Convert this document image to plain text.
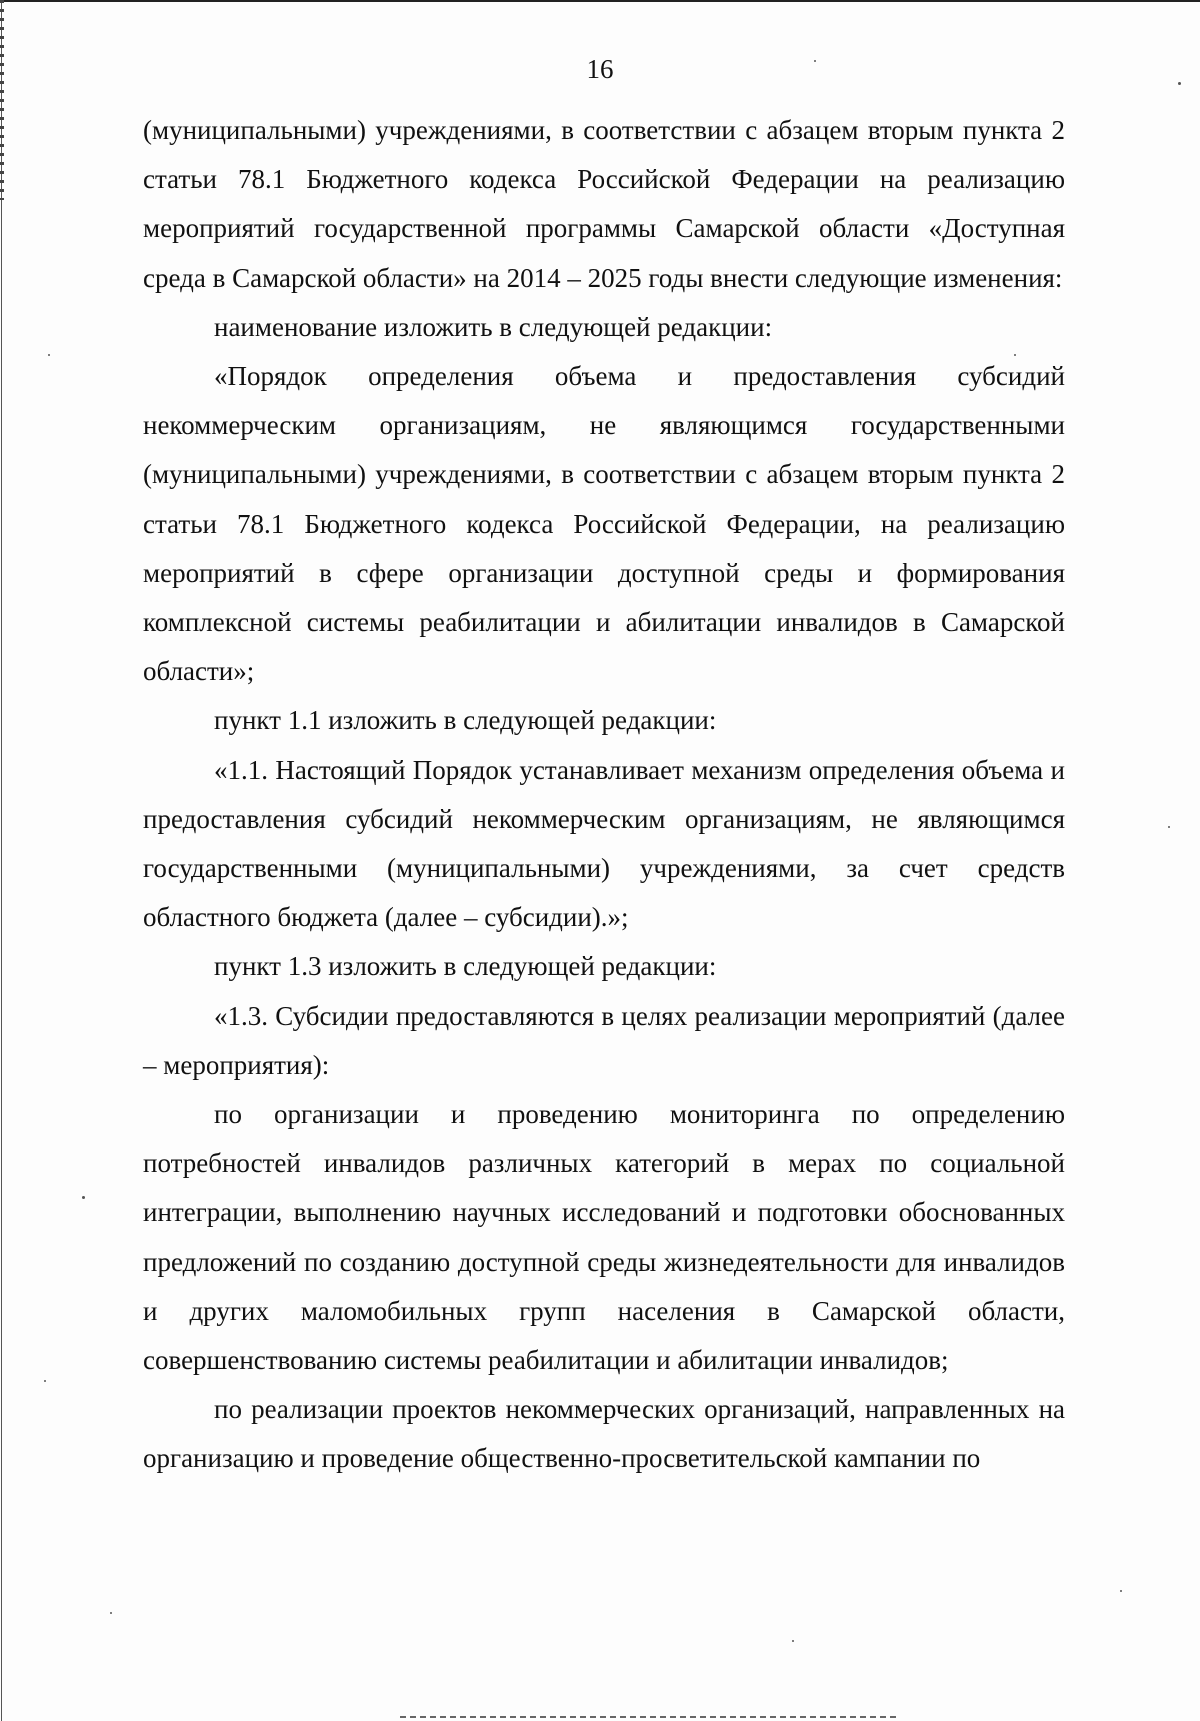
16

(муниципальными) учреждениями, в соответствии с абзацем вторым пункта 2 статьи 78.1 Бюджетного кодекса Российской Федерации на реализацию мероприятий государственной программы Самарской области «Доступная среда в Самарской области» на 2014 – 2025 годы внести следующие изменения:

наименование изложить в следующей редакции:

«Порядок определения объема и предоставления субсидий некоммерческим организациям, не являющимся государственными (муниципальными) учреждениями, в соответствии с абзацем вторым пункта 2 статьи 78.1 Бюджетного кодекса Российской Федерации, на реализацию мероприятий в сфере организации доступной среды и формирования комплексной системы реабилитации и абилитации инвалидов в Самарской области»;

пункт 1.1 изложить в следующей редакции:

«1.1. Настоящий Порядок устанавливает механизм определения объема и предоставления субсидий некоммерческим организациям, не являющимся государственными (муниципальными) учреждениями, за счет средств областного бюджета (далее – субсидии).»;

пункт 1.3 изложить в следующей редакции:

«1.3. Субсидии предоставляются в целях реализации мероприятий (далее – мероприятия):

по организации и проведению мониторинга по определению потребностей инвалидов различных категорий в мерах по социальной интеграции, выполнению научных исследований и подготовки обоснованных предложений по созданию доступной среды жизнедеятельности для инвалидов и других маломобильных групп населения в Самарской области, совершенствованию системы реабилитации и абилитации инвалидов;

по реализации проектов некоммерческих организаций, направленных на организацию и проведение общественно-просветительской кампании по
